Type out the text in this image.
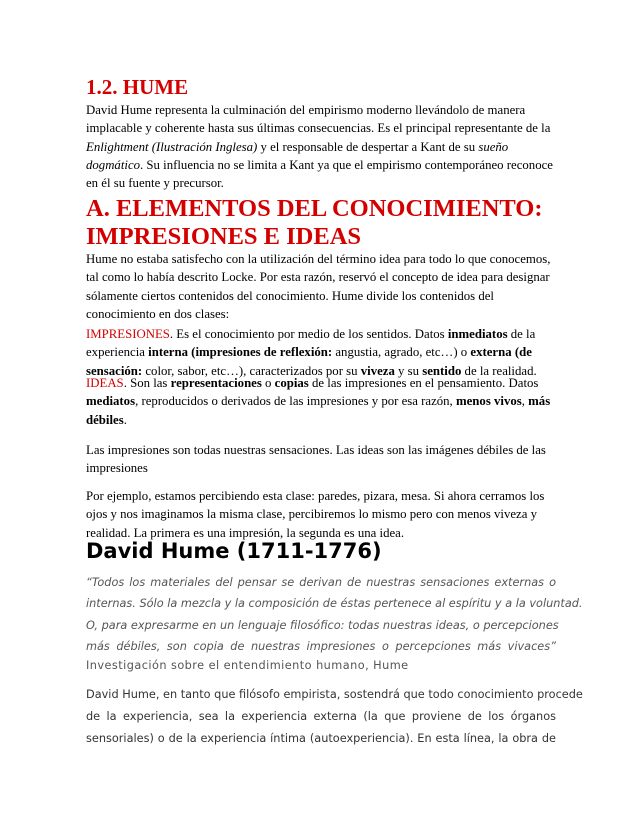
1.2. HUME

David Hume representa la culminación del empirismo moderno llevándolo de manera
implacable y coherente hasta sus últimas consecuencias. Es el principal representante de la
Enlightment (Ilustración Inglesa) y el responsable de despertar a Kant de su sueño
dogmático. Su influencia no se limita a Kant ya que el empirismo contemporáneo reconoce
en él su fuente y precursor.

A. ELEMENTOS DEL CONOCIMIENTO:
IMPRESIONES E IDEAS

Hume no estaba satisfecho con la utilización del término idea para todo lo que conocemos,
tal como lo había descrito Locke. Por esta razón, reservó el concepto de idea para designar
sólamente ciertos contenidos del conocimiento. Hume divide los contenidos del
conocimiento en dos clases:

IMPRESIONES. Es el conocimiento por medio de los sentidos. Datos inmediatos de la
experiencia interna (impresiones de reflexión: angustia, agrado, etc…) o externa (de
sensación: color, sabor, etc…), caracterizados por su viveza y su sentido de la realidad.

IDEAS. Son las representaciones o copias de las impresiones en el pensamiento. Datos
mediatos, reproducidos o derivados de las impresiones y por esa razón, menos vivos, más
débiles.

Las impresiones son todas nuestras sensaciones. Las ideas son las imágenes débiles de las
impresiones

Por ejemplo, estamos percibiendo esta clase: paredes, pizara, mesa. Si ahora cerramos los
ojos y nos imaginamos la misma clase, percibiremos lo mismo pero con menos viveza y
realidad. La primera es una impresión, la segunda es una idea.

David Hume (1711-1776)
“Todos los materiales del pensar se derivan de nuestras sensaciones externas o
internas. Sólo la mezcla y la composición de éstas pertenece al espíritu y a la voluntad.
O, para expresarme en un lenguaje filosófico: todas nuestras ideas, o percepciones
más débiles, son copia de nuestras impresiones o percepciones más vivaces”
Investigación sobre el entendimiento humano, Hume
David Hume, en tanto que filósofo empirista, sostendrá que todo conocimiento procede
de la experiencia, sea la experiencia externa (la que proviene de los órganos
sensoriales) o de la experiencia íntima (autoexperiencia). En esta línea, la obra de
